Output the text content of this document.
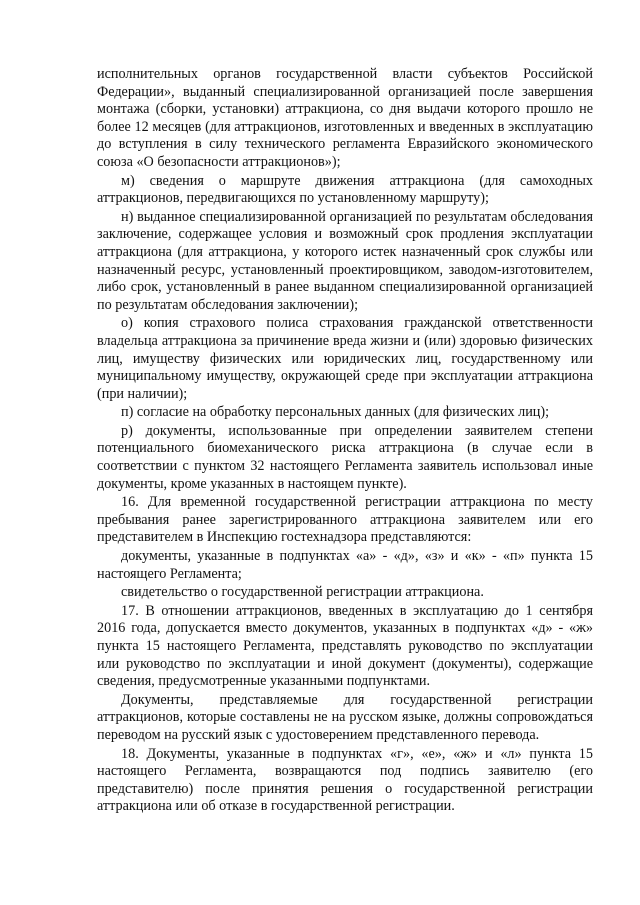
исполнительных органов государственной власти субъектов Российской Федерации», выданный специализированной организацией после завершения монтажа (сборки, установки) аттракциона, со дня выдачи которого прошло не более 12 месяцев (для аттракционов, изготовленных и введенных в эксплуатацию до вступления в силу технического регламента Евразийского экономического союза «О безопасности аттракционов»);

м) сведения о маршруте движения аттракциона (для самоходных аттракционов, передвигающихся по установленному маршруту);

н) выданное специализированной организацией по результатам обследования заключение, содержащее условия и возможный срок продления эксплуатации аттракциона (для аттракциона, у которого истек назначенный срок службы или назначенный ресурс, установленный проектировщиком, заводом-изготовителем, либо срок, установленный в ранее выданном специализированной организацией по результатам обследования заключении);

о) копия страхового полиса страхования гражданской ответственности владельца аттракциона за причинение вреда жизни и (или) здоровью физических лиц, имуществу физических или юридических лиц, государственному или муниципальному имуществу, окружающей среде при эксплуатации аттракциона (при наличии);

п) согласие на обработку персональных данных (для физических лиц);

р) документы, использованные при определении заявителем степени потенциального биомеханического риска аттракциона (в случае если в соответствии с пунктом 32 настоящего Регламента заявитель использовал иные документы, кроме указанных в настоящем пункте).

16. Для временной государственной регистрации аттракциона по месту пребывания ранее зарегистрированного аттракциона заявителем или его представителем в Инспекцию гостехнадзора представляются:

документы, указанные в подпунктах «а» - «д», «з» и «к» - «п» пункта 15 настоящего Регламента;

свидетельство о государственной регистрации аттракциона.

17. В отношении аттракционов, введенных в эксплуатацию до 1 сентября 2016 года, допускается вместо документов, указанных в подпунктах «д» - «ж» пункта 15 настоящего Регламента, представлять руководство по эксплуатации или руководство по эксплуатации и иной документ (документы), содержащие сведения, предусмотренные указанными подпунктами.

Документы, представляемые для государственной регистрации аттракционов, которые составлены не на русском языке, должны сопровождаться переводом на русский язык с удостоверением представленного перевода.

18. Документы, указанные в подпунктах «г», «е», «ж» и «л» пункта 15 настоящего Регламента, возвращаются под подпись заявителю (его представителю) после принятия решения о государственной регистрации аттракциона или об отказе в государственной регистрации.
